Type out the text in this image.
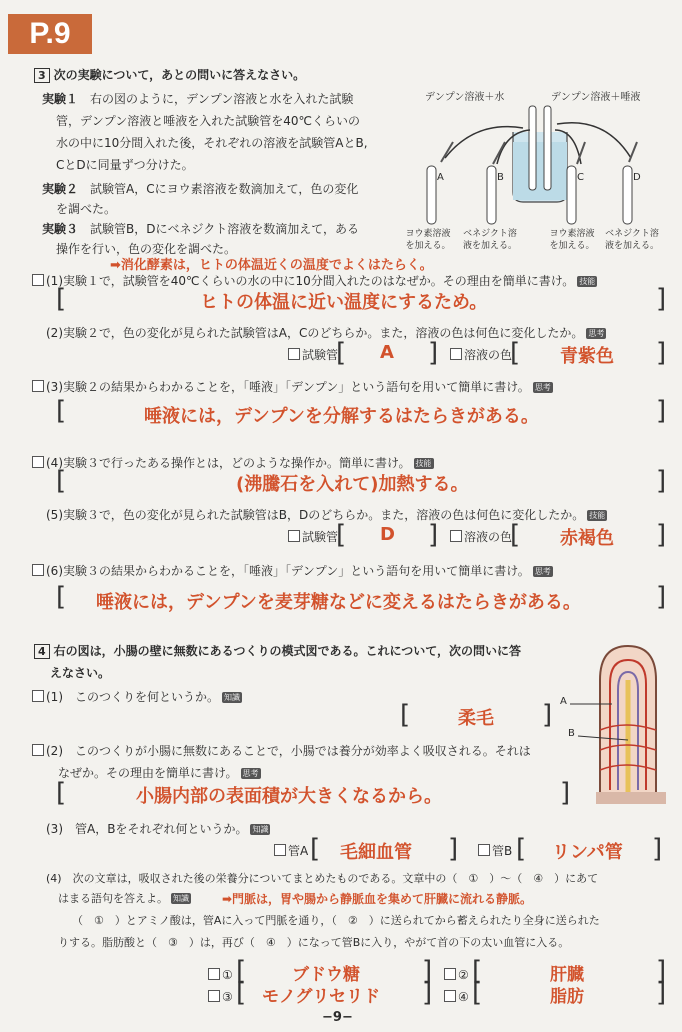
P.9
3 次の実験について，あとの問いに答えなさい。
実験１　 右の図のように，デンプン溶液と水を入れた試験
管，デンプン溶液と唾液を入れた試験管を40℃くらいの
水の中に10分間入れた後，それぞれの溶液を試験管AとB,
CとDに同量ずつ分けた。
実験２　 試験管A，Cにヨウ素溶液を数滴加えて，色の変化
を調べた。
実験３　 試験管B，Dにベネジクト溶液を数滴加えて，ある
操作を行い，色の変化を調べた。
➡消化酵素は，ヒトの体温近くの温度でよくはたらく。
デンプン溶液＋水	デンプン溶液＋唾液
A	B	C	D
ヨウ素溶液
を加える。
ベネジクト溶
液を加える。
ヨウ素溶液
を加える。
ベネジクト溶
液を加える。
(1)実験１で，試験管を40℃くらいの水の中に10分間入れたのはなぜか。その理由を簡単に書け。 技能
[	]
ヒトの体温に近い温度にするため。
(2)実験２で，色の変化が見られた試験管はA，Cのどちらか。また，溶液の色は何色に変化したか。 思考
試験管
[ A ]	溶液の色
[ 青紫色 ]
(3)実験２の結果からわかることを，「唾液」「デンプン」という語句を用いて簡単に書け。 思考
[	]
唾液には，デンプンを分解するはたらきがある。
(4)実験３で行ったある操作とは，どのような操作か。簡単に書け。 技能
[	]
(沸騰石を入れて)加熱する。
(5)実験３で，色の変化が見られた試験管はB，Dのどちらか。また，溶液の色は何色に変化したか。 技能
試験管
[ D ]	溶液の色
[ 赤褐色 ]
(6)実験３の結果からわかることを，「唾液」「デンプン」という語句を用いて簡単に書け。 思考
[	]
唾液には，デンプンを麦芽糖などに変えるはたらきがある。
4 右の図は，小腸の壁に無数にあるつくりの模式図である。これについて，次の問いに答
えなさい。
A
B
(1)　 このつくりを何というか。 知識
[	柔毛 ]
(2)　 このつくりが小腸に無数にあることで，小腸では養分が効率よく吸収される。それは
なぜか。その理由を簡単に書け。 思考
[	小腸内部の表面積が大きくなるから。	]
(3)　 管A，Bをそれぞれ何というか。 知識
管A [ 毛細血管 ]	管B [ リンパ管 ]
(4)　 次の文章は，吸収された後の栄養分についてまとめたものである。文章中の（　①　）～（　④　）にあて
はまる語句を答えよ。 知識	➡門脈は，胃や腸から静脈血を集めて肝臓に流れる静脈。
（　①　）とアミノ酸は，管Aに入って門脈を通り，（　②　）に送られてから蓄えられたり全身に送られた
りする。脂肪酸と（　③　）は，再び（　④　）になって管Bに入り，やがて首の下の太い血管に入る。
① [	ブドウ糖 ]	② [	肝臓	]
③ [ モノグリセリド ]	④ [	脂肪	]
−9−
